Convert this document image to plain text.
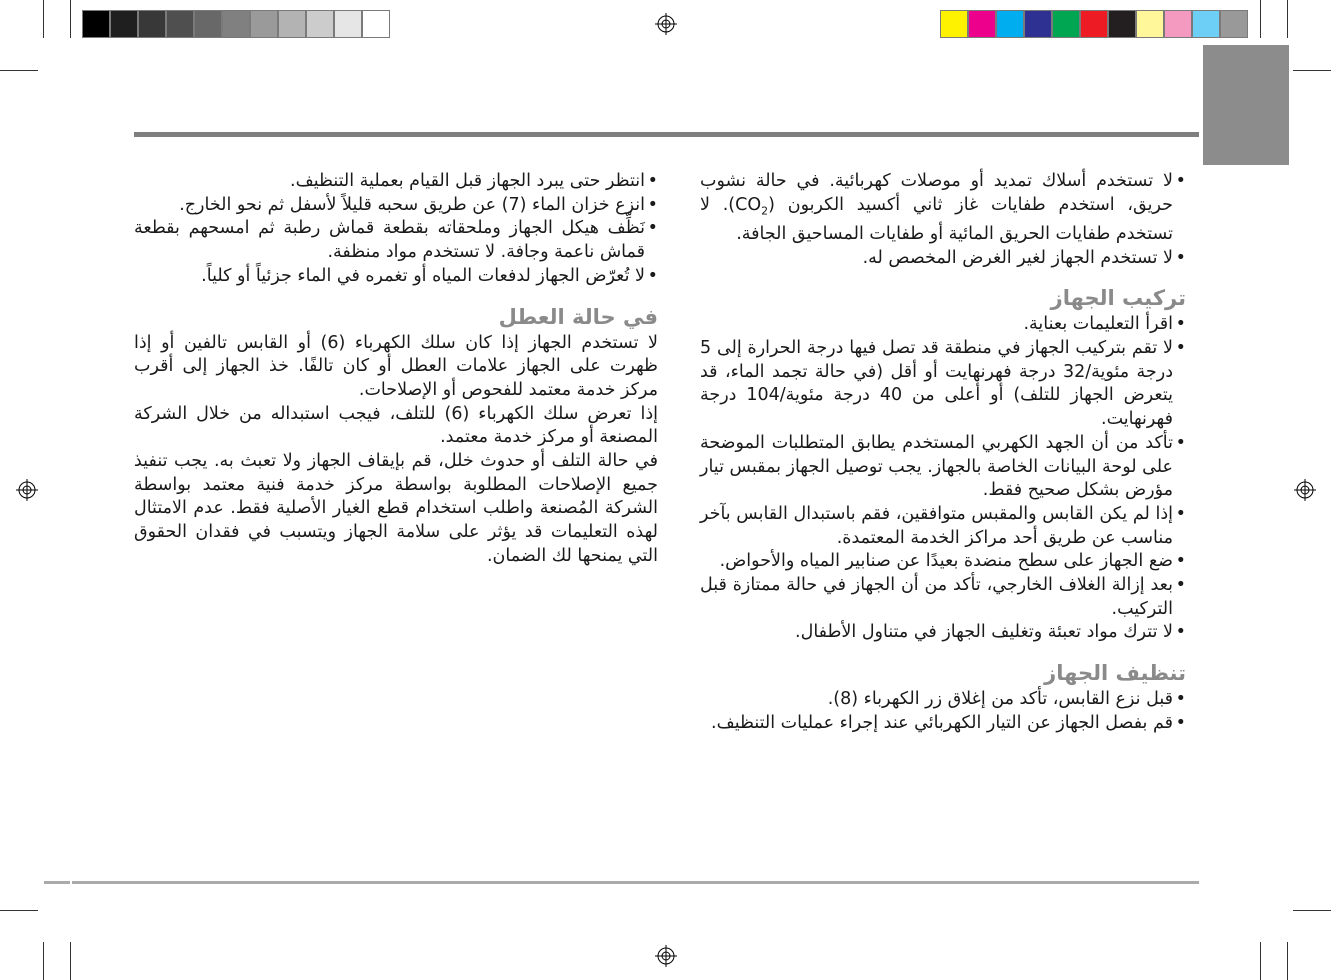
• لا تستخدم أسلاك تمديد أو موصلات كهربائية. في حالة نشوب حريق، استخدم طفايات غاز ثاني أكسيد الكربون $(CO_2)$. لا تستخدم طفايات الحريق المائية أو طفايات المساحيق الجافة.
• لا تستخدم الجهاز لغير الغرض المخصص له.
تركيب الجهاز
• اقرأ التعليمات بعناية.
• لا تقم بتركيب الجهاز في منطقة قد تصل فيها درجة الحرارة إلى 5 درجة مئوية/32 درجة فهرنهايت أو أقل (في حالة تجمد الماء، قد يتعرض الجهاز للتلف) أو أعلى من 40 درجة مئوية/104 درجة فهرنهايت.
• تأكد من أن الجهد الكهربي المستخدم يطابق المتطلبات الموضحة على لوحة البيانات الخاصة بالجهاز. يجب توصيل الجهاز بمقبس تيار مؤرض بشكل صحيح فقط.
• إذا لم يكن القابس والمقبس متوافقين، فقم باستبدال القابس بآخر مناسب عن طريق أحد مراكز الخدمة المعتمدة.
• ضع الجهاز على سطح منضدة بعيدًا عن صنابير المياه والأحواض.
• بعد إزالة الغلاف الخارجي، تأكد من أن الجهاز في حالة ممتازة قبل التركيب.
• لا تترك مواد تعبئة وتغليف الجهاز في متناول الأطفال.
تنظيف الجهاز
• قبل نزع القابس، تأكد من إغلاق زر الكهرباء (8).
• قم بفصل الجهاز عن التيار الكهربائي عند إجراء عمليات التنظيف.
• انتظر حتى يبرد الجهاز قبل القيام بعملية التنظيف.
• انزع خزان الماء (7) عن طريق سحبه قليلاً لأسفل ثم نحو الخارج.
• نَظِّف هيكل الجهاز وملحقاته بقطعة قماش رطبة ثم امسحهم بقطعة قماش ناعمة وجافة. لا تستخدم مواد منظفة.
• لا تُعرّض الجهاز لدفعات المياه أو تغمره في الماء جزئياً أو كلياً.
في حالة العطل

لا تستخدم الجهاز إذا كان سلك الكهرباء (6) أو القابس تالفين أو إذا ظهرت على الجهاز علامات العطل أو كان تالفًا. خذ الجهاز إلى أقرب مركز خدمة معتمد للفحوص أو الإصلاحات.

إذا تعرض سلك الكهرباء (6) للتلف، فيجب استبداله من خلال الشركة المصنعة أو مركز خدمة معتمد.

في حالة التلف أو حدوث خلل، قم بإيقاف الجهاز ولا تعبث به. يجب تنفيذ جميع الإصلاحات المطلوبة بواسطة مركز خدمة فنية معتمد بواسطة الشركة المُصنعة واطلب استخدام قطع الغيار الأصلية فقط. عدم الامتثال لهذه التعليمات قد يؤثر على سلامة الجهاز ويتسبب في فقدان الحقوق التي يمنحها لك الضمان.
